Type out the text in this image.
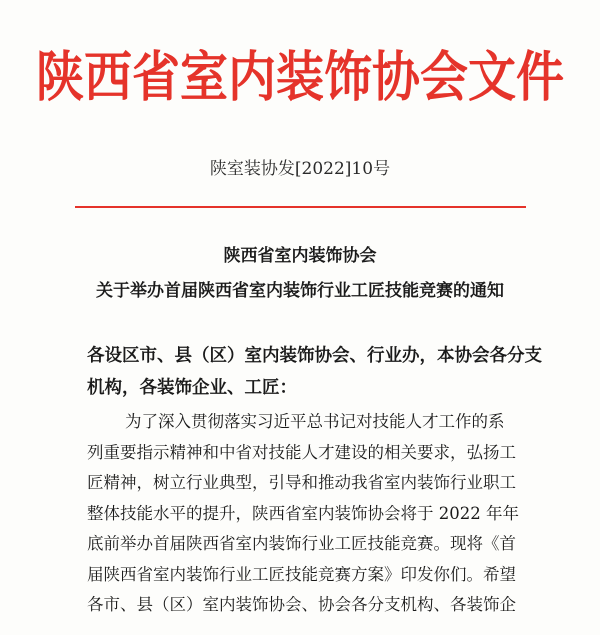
陕西省室内装饰协会文件
陕室装协发[2022]10号
陕西省室内装饰协会
关于举办首届陕西省室内装饰行业工匠技能竞赛的通知

各设区市、县（区）室内装饰协会、行业办，本协会各分支
机构，各装饰企业、工匠：

为了深入贯彻落实习近平总书记对技能人才工作的系
列重要指示精神和中省对技能人才建设的相关要求，弘扬工
匠精神，树立行业典型，引导和推动我省室内装饰行业职工
整体技能水平的提升，陕西省室内装饰协会将于 2022 年年
底前举办首届陕西省室内装饰行业工匠技能竞赛。现将《首
届陕西省室内装饰行业工匠技能竞赛方案》印发你们。希望
各市、县（区）室内装饰协会、协会各分支机构、各装饰企
